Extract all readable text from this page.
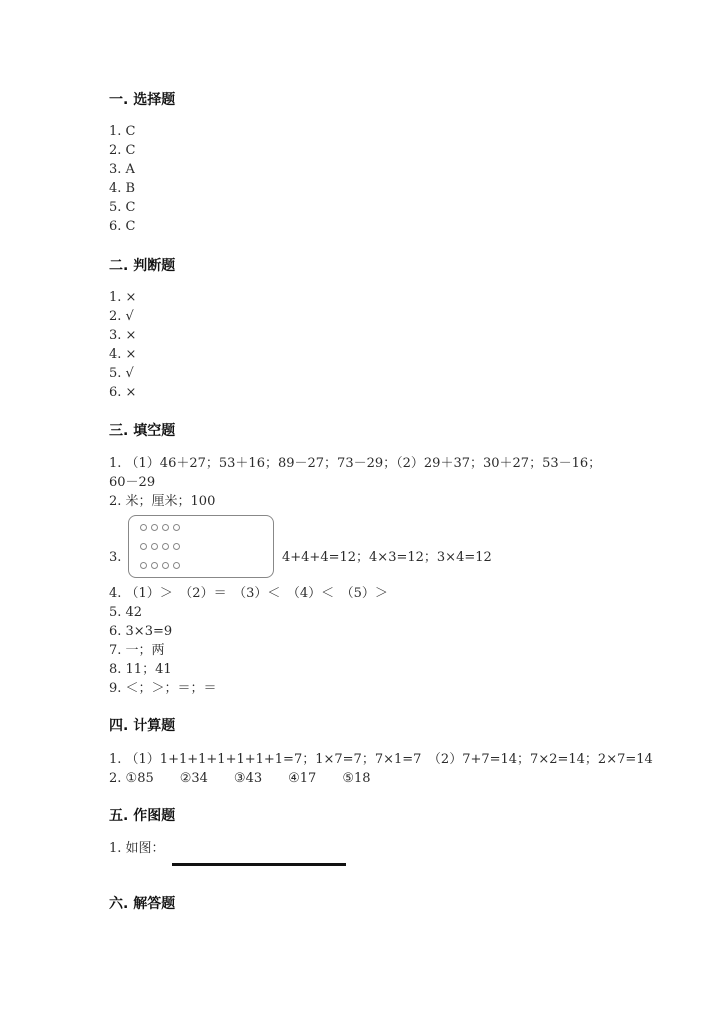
一. 选择题
1. C
2. C
3. A
4. B
5. C
6. C
二. 判断题
1. ×
2. √
3. ×
4. ×
5. √
6. ×
三. 填空题
1. （1）46＋27；53＋16；89－27；73－29；（2）29＋37；30＋27；53－16；
60－29
2. 米；厘米；100
3.	4+4+4=12；4×3=12；3×4=12
4. （1）＞　（2）＝　（3）＜　（4）＜　（5）＞
5. 42
6. 3×3=9
7. 一；两
8. 11；41
9. ＜；＞；＝；＝
四. 计算题
1. （1）1+1+1+1+1+1+1=7；1×7=7；7×1=7　（2）7+7=14；7×2=14；2×7=14
2. ①85　　②34　　③43　　④17　　⑤18
五. 作图题
1. 如图：
六. 解答题
